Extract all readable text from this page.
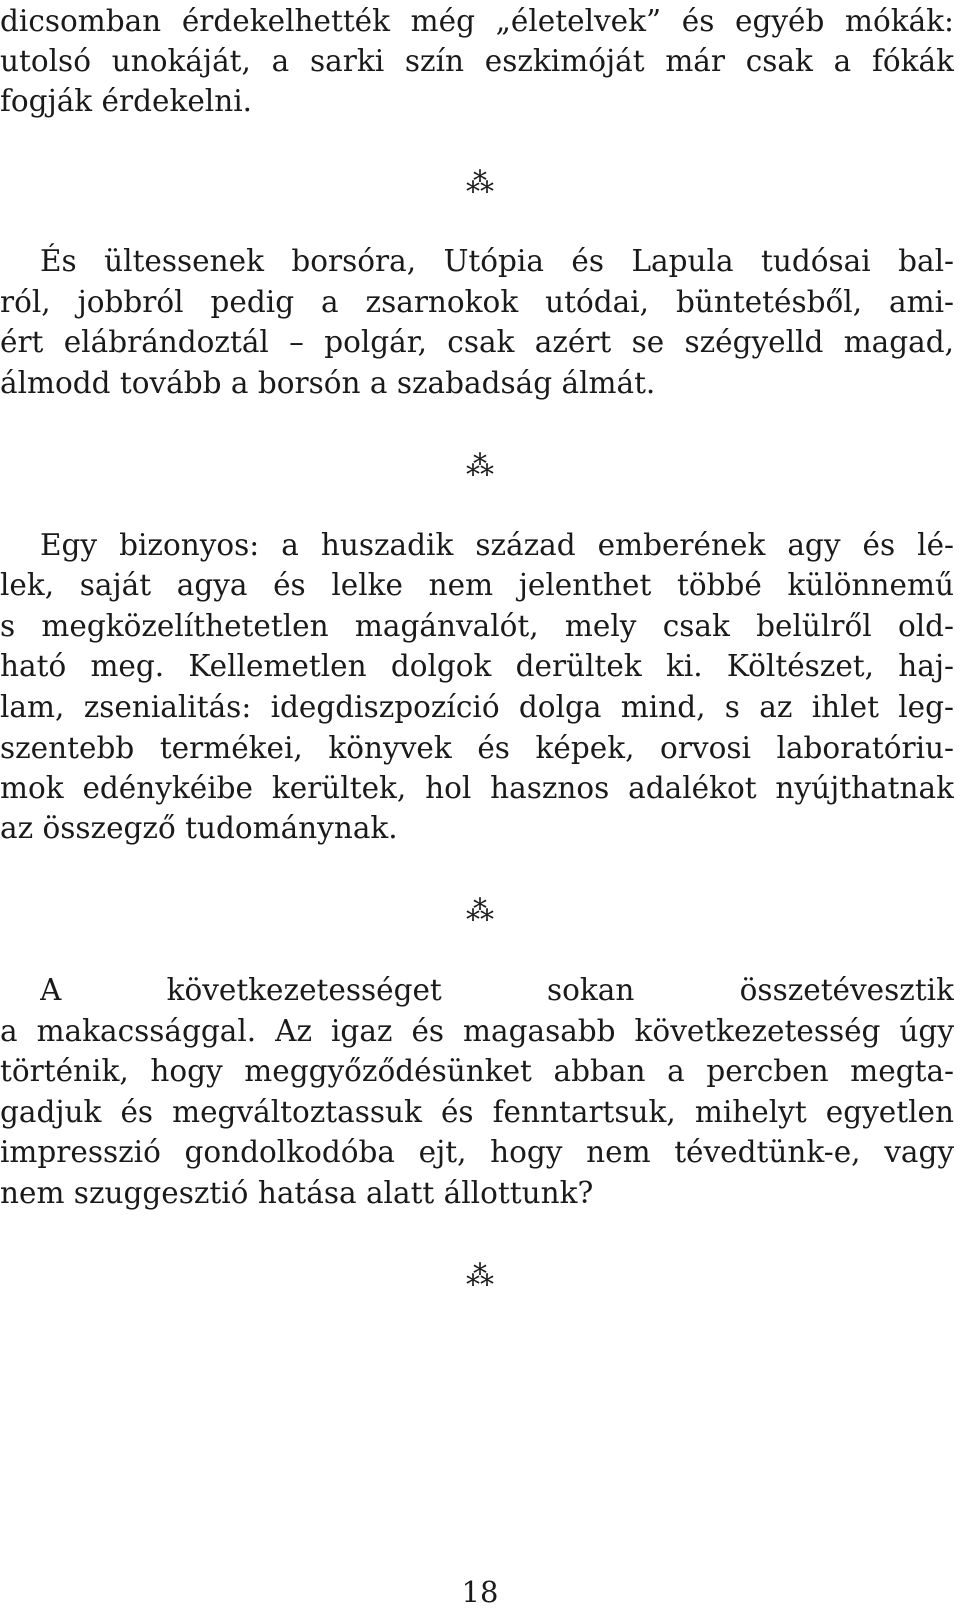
dicsomban érdekelhették még „életelvek” és egyéb mókák:
utolsó unokáját, a sarki szín eszkimóját már csak a fókák
fogják érdekelni.
⁂
És ültessenek borsóra, Utópia és Lapula tudósai bal-
ról, jobbról pedig a zsarnokok utódai, büntetésből, ami-
ért elábrándoztál – polgár, csak azért se szégyelld magad,
álmodd tovább a borsón a szabadság álmát.
⁂
Egy bizonyos: a huszadik század emberének agy és lé-
lek, saját agya és lelke nem jelenthet többé különnemű
s megközelíthetetlen magánvalót, mely csak belülről old-
ható meg. Kellemetlen dolgok derültek ki. Költészet, haj-
lam, zsenialitás: idegdiszpozíció dolga mind, s az ihlet leg-
szentebb termékei, könyvek és képek, orvosi laboratóriu-
mok edénykéibe kerültek, hol hasznos adalékot nyújthatnak
az összegző tudománynak.
⁂
A következetességet sokan összetévesztik
a makacssággal. Az igaz és magasabb következetesség úgy
történik, hogy meggyőződésünket abban a percben megta-
gadjuk és megváltoztassuk és fenntartsuk, mihelyt egyetlen
impresszió gondolkodóba ejt, hogy nem tévedtünk-e, vagy
nem szuggesztió hatása alatt állottunk?
⁂
18
